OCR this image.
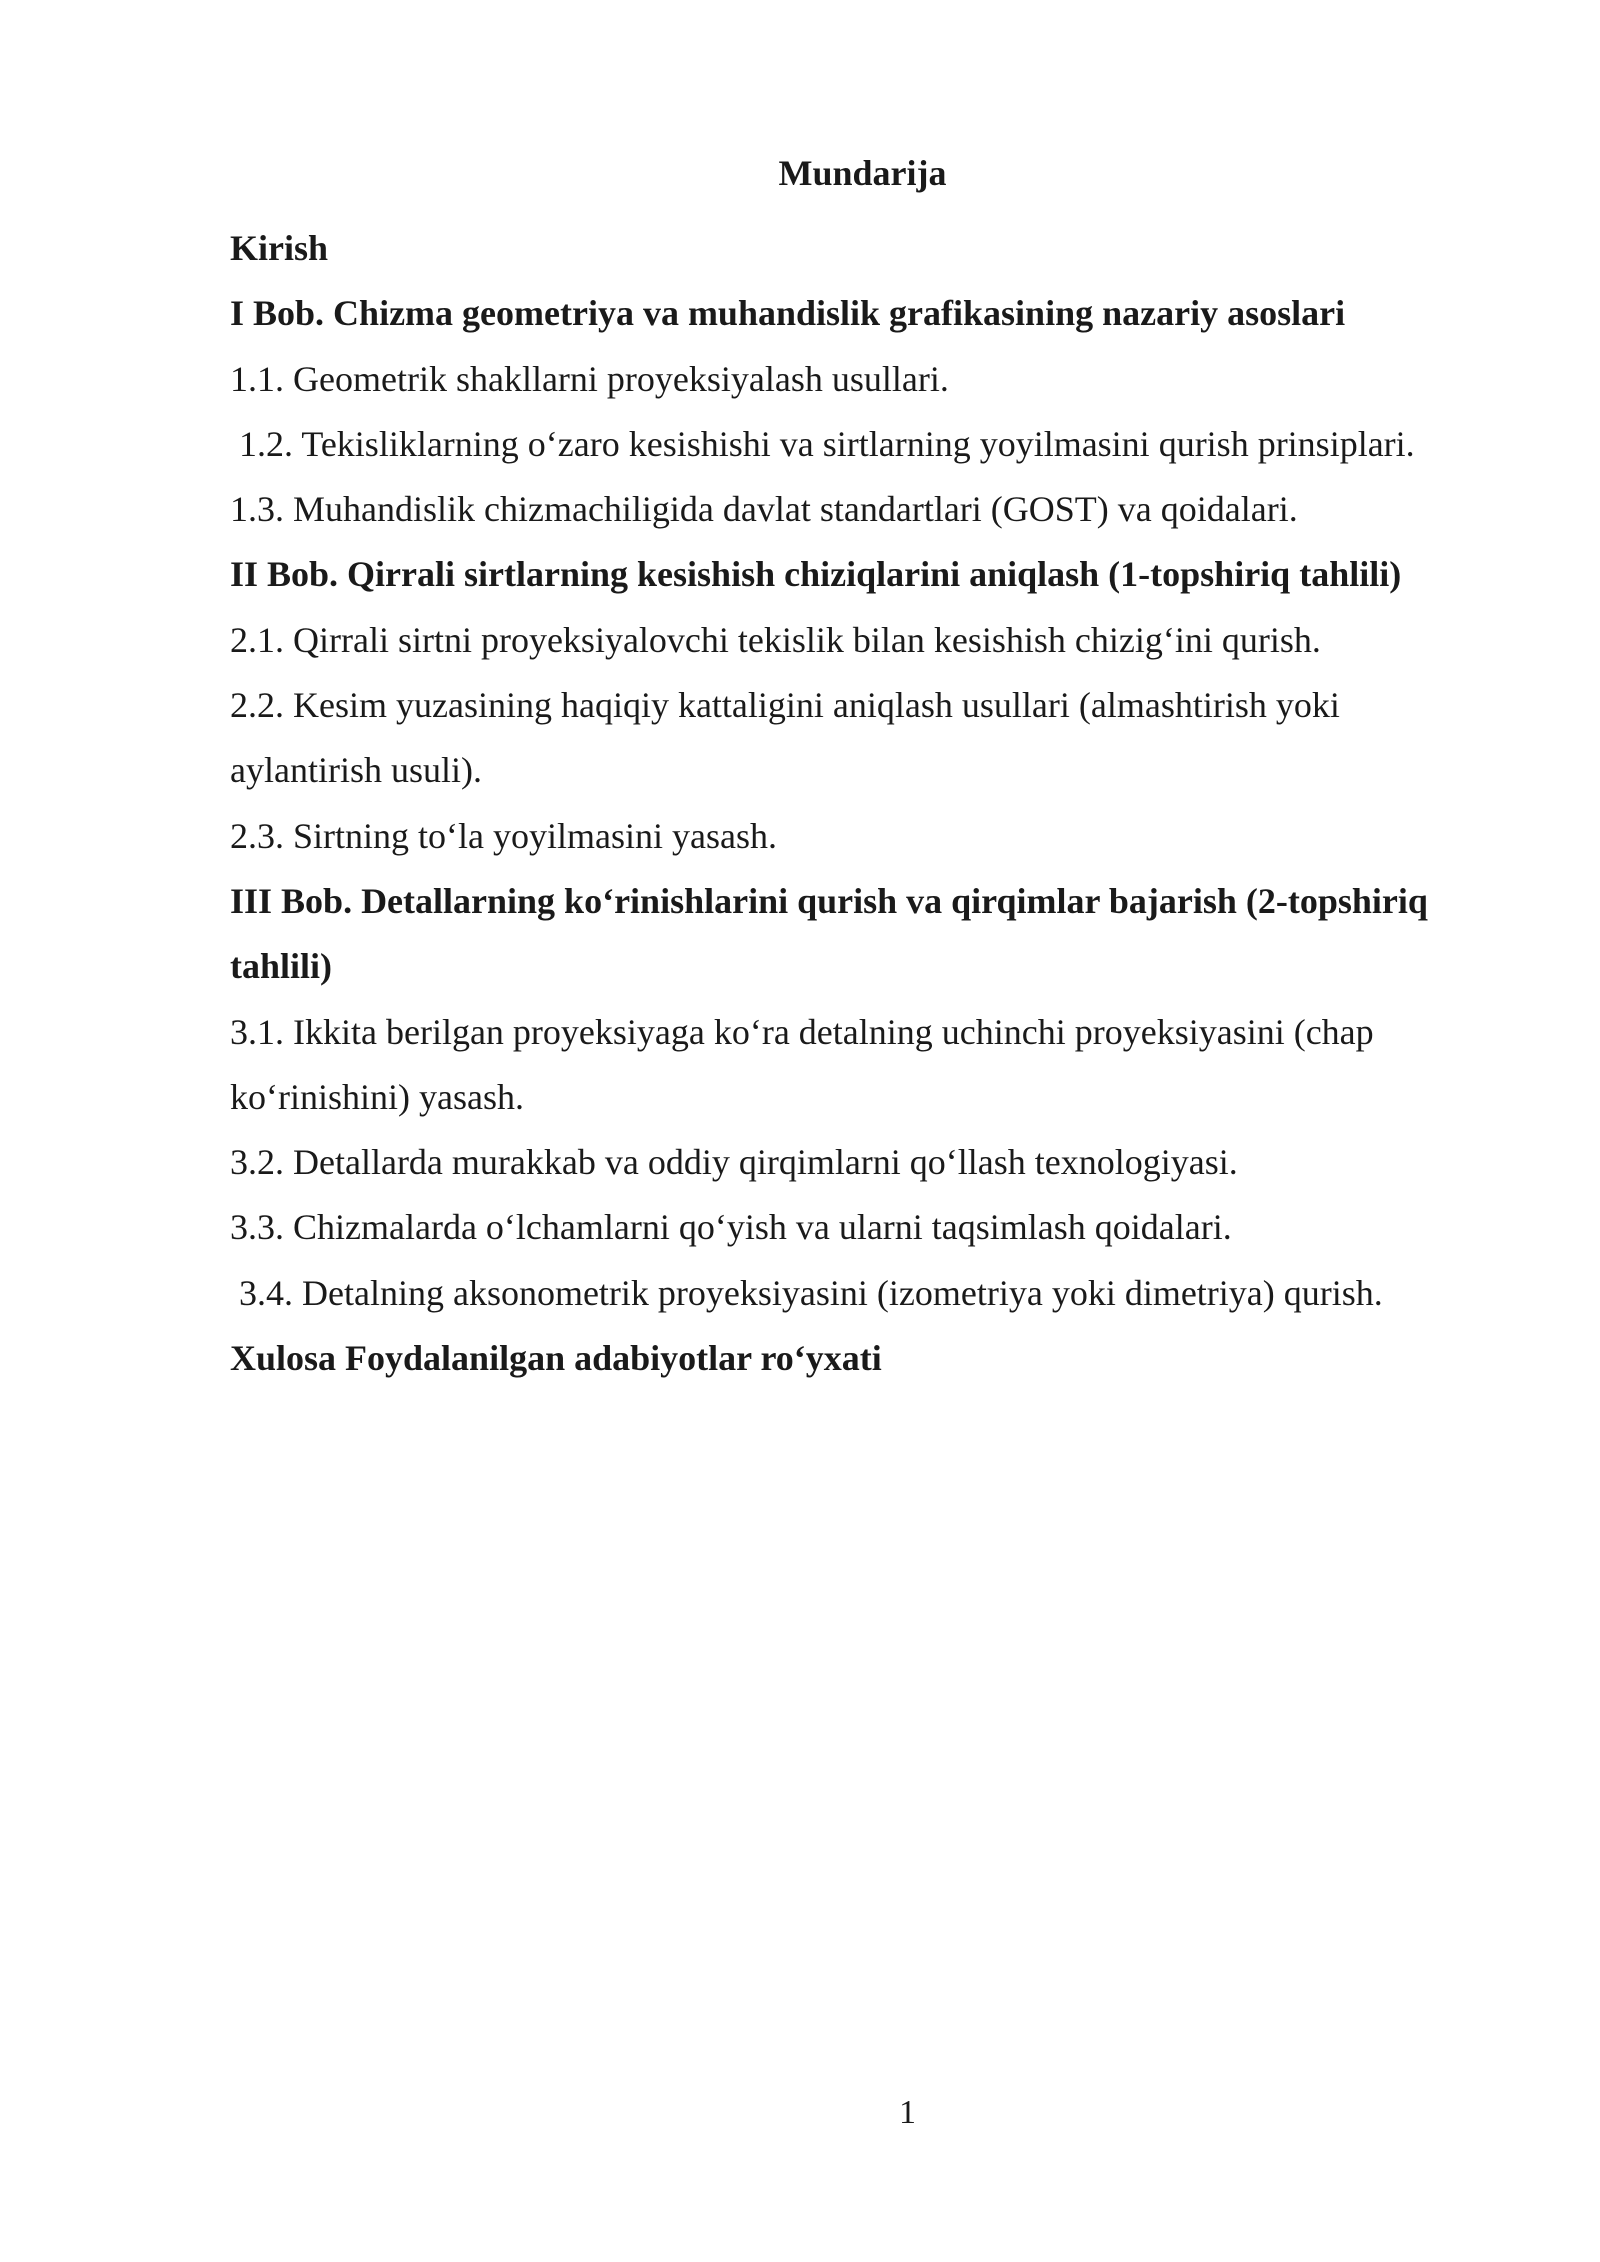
Mundarija
Kirish
I Bob. Chizma geometriya va muhandislik grafikasining nazariy asoslari
1.1. Geometrik shakllarni proyeksiyalash usullari.
1.2. Tekisliklarning o‘zaro kesishishi va sirtlarning yoyilmasini qurish prinsiplari.
1.3. Muhandislik chizmachiligida davlat standartlari (GOST) va qoidalari.
II Bob. Qirrali sirtlarning kesishish chiziqlarini aniqlash (1-topshiriq tahlili)
2.1. Qirrali sirtni proyeksiyalovchi tekislik bilan kesishish chizig‘ini qurish.
2.2. Kesim yuzasining haqiqiy kattaligini aniqlash usullari (almashtirish yoki
aylantirish usuli).
2.3. Sirtning to‘la yoyilmasini yasash.
III Bob. Detallarning ko‘rinishlarini qurish va qirqimlar bajarish (2-topshiriq
tahlili)
3.1. Ikkita berilgan proyeksiyaga ko‘ra detalning uchinchi proyeksiyasini (chap
ko‘rinishini) yasash.
3.2. Detallarda murakkab va oddiy qirqimlarni qo‘llash texnologiyasi.
3.3. Chizmalarda o‘lchamlarni qo‘yish va ularni taqsimlash qoidalari.
3.4. Detalning aksonometrik proyeksiyasini (izometriya yoki dimetriya) qurish.
Xulosa Foydalanilgan adabiyotlar ro‘yxati
1
